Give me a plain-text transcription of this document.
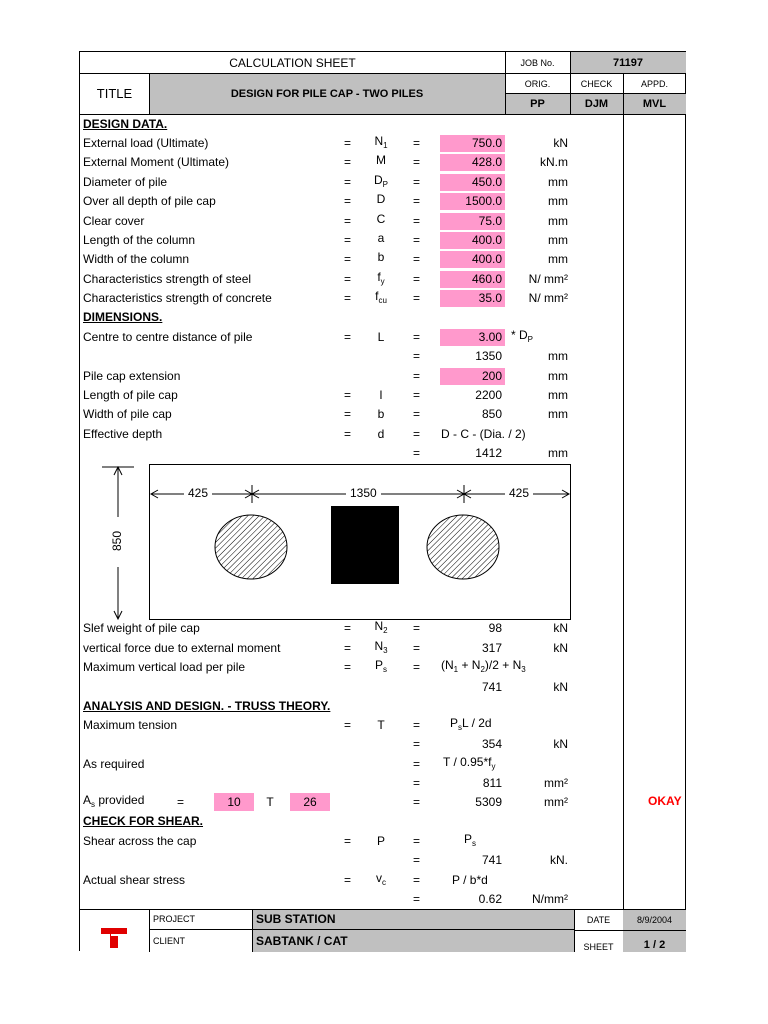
CALCULATION SHEET	JOB No.	71197
TITLE	DESIGN FOR PILE CAP - TWO PILES
ORIG.	CHECK	APPD.
PP	DJM	MVL
DESIGN DATA.
External load (Ultimate)	=	$N_1$	=	750.0	kN
External Moment (Ultimate)	=	M	=	428.0	kN.m
Diameter of pile	=	$D_P$	=	450.0	mm
Over all depth of pile cap	=	D	=	1500.0	mm
Clear cover	=	C	=	75.0	mm
Length of the column	=	a	=	400.0	mm
Width of the column	=	b	=	400.0	mm
Characteristics strength of steel	=	$f_y$	=	460.0	N/ mm²
Characteristics strength of concrete	=	$f_{cu}$	=	35.0	N/ mm²
DIMENSIONS.
Centre to centre distance of pile	=	L	=	$3.00 * D_P$
=	1350	mm
Pile cap extension	=	200	mm
Length of pile cap	=	l	=	2200	mm
Width of pile cap	=	b	=	850	mm
Effective depth	=	d	= D - C - (Dia. / 2)
=	1412	mm
425	1350	425
850
Slef weight of pile cap	=	$N_2$	=	98	kN
vertical force due to external moment	=	$N_3$	=	317	kN
Maximum vertical load per pile	=	$P_s$	= $(N_1 + N_2)/2 + N_3$
741	kN
ANALYSIS AND DESIGN. - TRUSS THEORY.
Maximum tension	=	T	= $P_sL / 2d$
=	354	kN
As required	= T / $0.95*f_y$
=	811	mm²
$A_s$ provided	=	10	T	26	=	5309	mm²	OKAY
CHECK FOR SHEAR.
Shear across the cap	=	P	=	$P_s$
=	741	kN.
Actual shear stress	=	$v_c$	=	P / b*d
=	0.62	N/mm²
PROJECT	SUB STATION
CLIENT	SABTANK / CAT
DATE	8/9/2004
SHEET	1 / 2
